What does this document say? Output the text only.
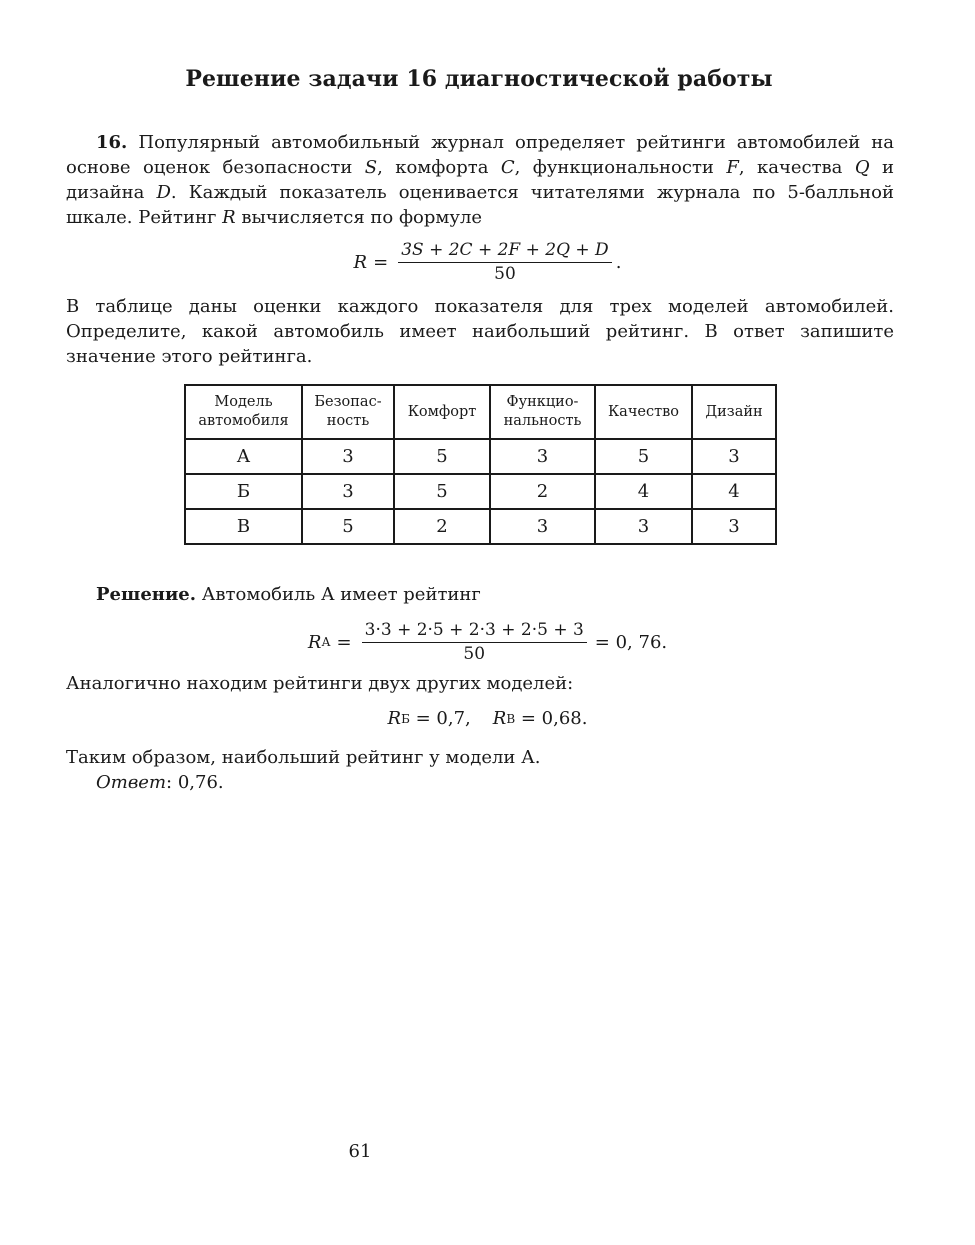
Решение задачи 16 диагностической работы

16. Популярный автомобильный журнал определяет рейтинги автомобилей на основе оценок безопасности S, комфорта C, функциональности F, качества Q и дизайна D. Каждый показатель оценивается читателями журнала по 5-балльной шкале. Рейтинг R вычисляется по формуле

$R = \frac{3S + 2C + 2F + 2Q + D}{50}$ .

В таблице даны оценки каждого показателя для трех моделей автомобилей. Определите, какой автомобиль имеет наибольший рейтинг. В ответ запишите значение этого рейтинга.

Модель автомобиля	Безопас- ность	Комфорт	Функцио- нальность	Качество	Дизайн
А	3	5	3	5	3
Б	3	5	2	4	4
В	5	2	3	3	3

Решение. Автомобиль А имеет рейтинг

R $А = \frac{3\cdot 3 + 2\cdot 5 + 2\cdot 3 + 2\cdot 5 + 3}{50} = 0$, 76.

Аналогично находим рейтинги двух других моделей:

R Б = 0,7, R В = 0,68.

Таким образом, наибольший рейтинг у модели А.

Ответ: 0,76.

61
